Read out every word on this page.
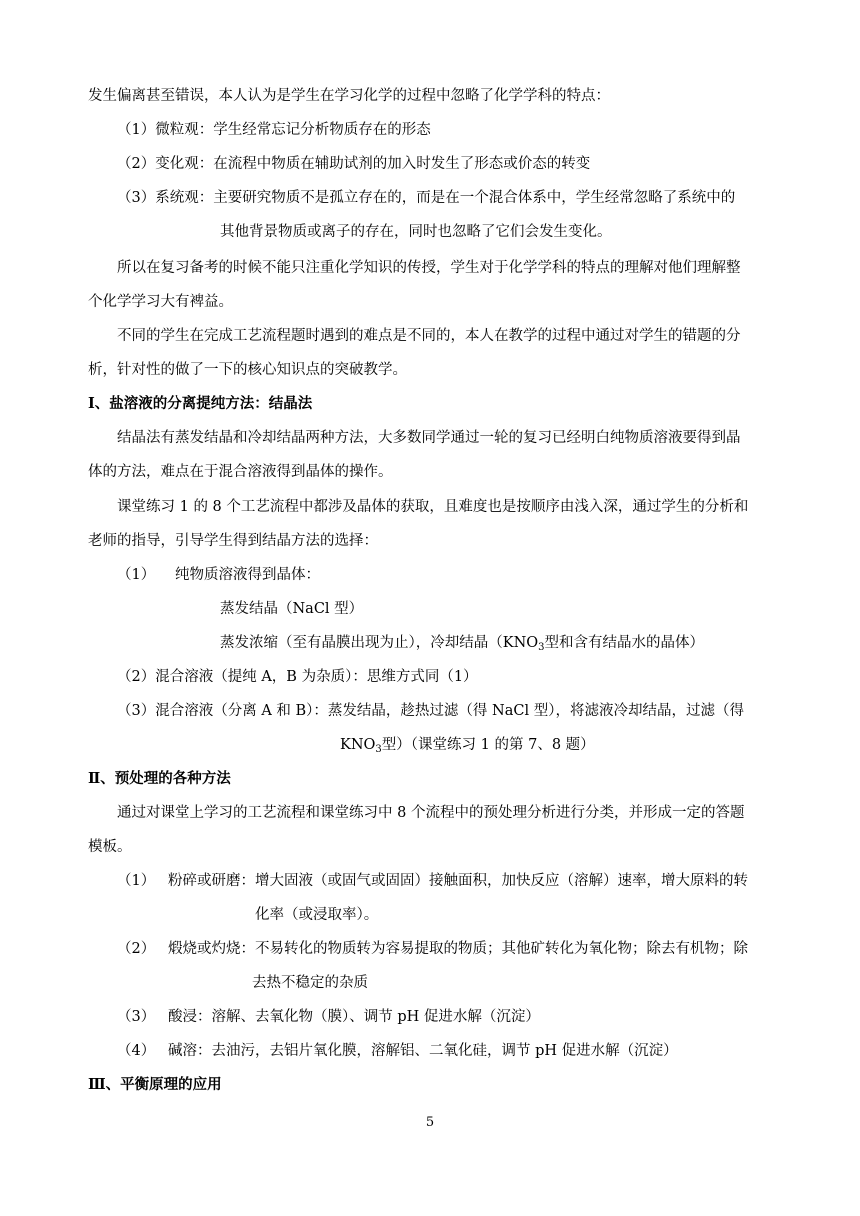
发生偏离甚至错误，本人认为是学生在学习化学的过程中忽略了化学学科的特点：
（1）微粒观：学生经常忘记分析物质存在的形态
（2）变化观：在流程中物质在辅助试剂的加入时发生了形态或价态的转变
（3）系统观：主要研究物质不是孤立存在的，而是在一个混合体系中，学生经常忽略了系统中的
其他背景物质或离子的存在，同时也忽略了它们会发生变化。
所以在复习备考的时候不能只注重化学知识的传授，学生对于化学学科的特点的理解对他们理解整
个化学学习大有裨益。
不同的学生在完成工艺流程题时遇到的难点是不同的，本人在教学的过程中通过对学生的错题的分
析，针对性的做了一下的核心知识点的突破教学。
Ⅰ、盐溶液的分离提纯方法：结晶法
结晶法有蒸发结晶和冷却结晶两种方法，大多数同学通过一轮的复习已经明白纯物质溶液要得到晶
体的方法，难点在于混合溶液得到晶体的操作。
课堂练习 1 的 8 个工艺流程中都涉及晶体的获取，且难度也是按顺序由浅入深，通过学生的分析和
老师的指导，引导学生得到结晶方法的选择：
（1） 纯物质溶液得到晶体：
蒸发结晶（NaCl 型）
蒸发浓缩（至有晶膜出现为止），冷却结晶（$KNO_3$型和含有结晶水的晶体）
（2）混合溶液（提纯 A，B 为杂质）：思维方式同（1）
（3）混合溶液（分离 A 和 B）：蒸发结晶，趁热过滤（得 NaCl 型），将滤液冷却结晶，过滤（得
$KNO_3$型）（课堂练习 1 的第 7、8 题）
Ⅱ、预处理的各种方法
通过对课堂上学习的工艺流程和课堂练习中 8 个流程中的预处理分析进行分类，并形成一定的答题
模板。
（1） 粉碎或研磨：增大固液（或固气或固固）接触面积，加快反应（溶解）速率，增大原料的转
化率（或浸取率）。
（2） 煅烧或灼烧：不易转化的物质转为容易提取的物质；其他矿转化为氧化物；除去有机物；除
去热不稳定的杂质
（3） 酸浸：溶解、去氧化物（膜）、调节 pH 促进水解（沉淀）
（4） 碱溶：去油污，去铝片氧化膜，溶解铝、二氧化硅，调节 pH 促进水解（沉淀）
Ⅲ、平衡原理的应用
5
